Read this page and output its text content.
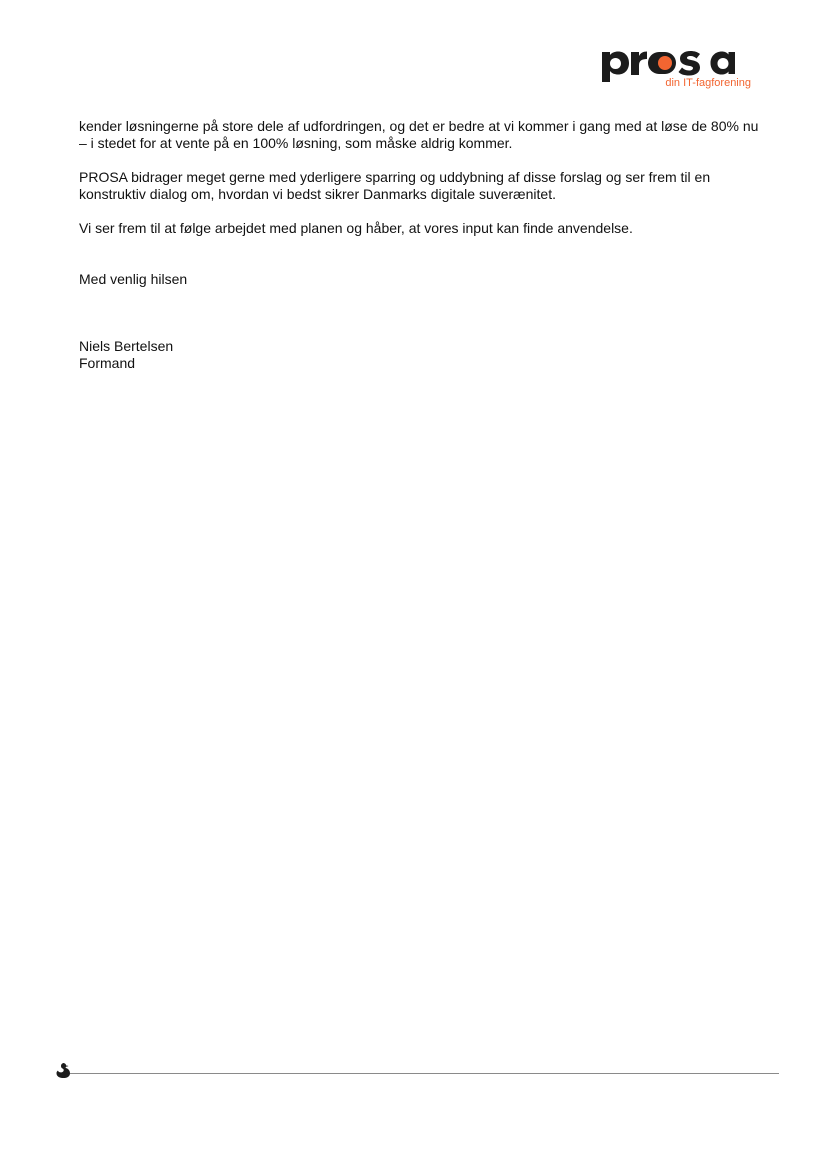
din IT-fagforening

kender løsningerne på store dele af udfordringen, og det er bedre at vi kommer i gang med at løse de 80% nu – i stedet for at vente på en 100% løsning, som måske aldrig kommer.

PROSA bidrager meget gerne med yderligere sparring og uddybning af disse forslag og ser frem til en konstruktiv dialog om, hvordan vi bedst sikrer Danmarks digitale suverænitet.

Vi ser frem til at følge arbejdet med planen og håber, at vores input kan finde anvendelse.

Med venlig hilsen

Niels Bertelsen

Formand
